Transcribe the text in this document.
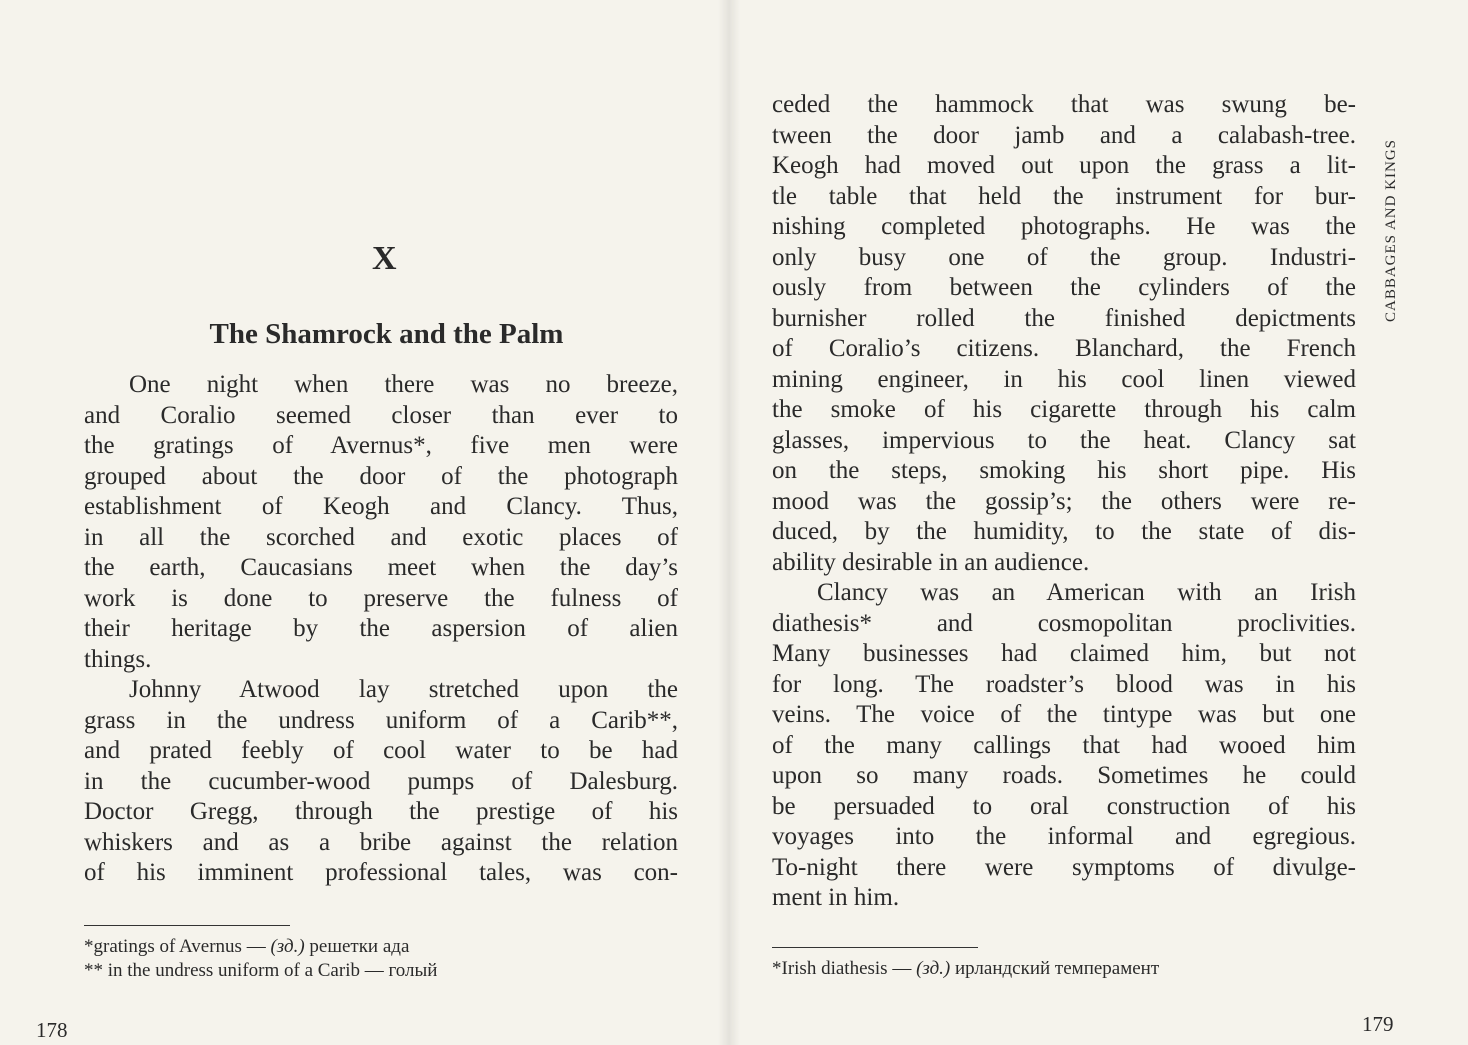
X
The Shamrock and the Palm
One night when there was no breeze,
and Coralio seemed closer than ever to
the gratings of Avernus*, five men were
grouped about the door of the photograph
establishment of Keogh and Clancy. Thus,
in all the scorched and exotic places of
the earth, Caucasians meet when the day’s
work is done to preserve the fulness of
their heritage by the aspersion of alien
things.
Johnny Atwood lay stretched upon the
grass in the undress uniform of a Carib**,
and prated feebly of cool water to be had
in the cucumber-wood pumps of Dalesburg.
Doctor Gregg, through the prestige of his
whiskers and as a bribe against the relation
of his imminent professional tales, was con-
*gratings of Avernus — (зд.) решетки ада
** in the undress uniform of a Carib — голый
178
ceded the hammock that was swung be-
tween the door jamb and a calabash-tree.
Keogh had moved out upon the grass a lit-
tle table that held the instrument for bur-
nishing completed photographs. He was the
only busy one of the group. Industri-
ously from between the cylinders of the
burnisher rolled the finished depictments
of Coralio’s citizens. Blanchard, the French
mining engineer, in his cool linen viewed
the smoke of his cigarette through his calm
glasses, impervious to the heat. Clancy sat
on the steps, smoking his short pipe. His
mood was the gossip’s; the others were re-
duced, by the humidity, to the state of dis-
ability desirable in an audience.
Clancy was an American with an Irish
diathesis* and cosmopolitan proclivities.
Many businesses had claimed him, but not
for long. The roadster’s blood was in his
veins. The voice of the tintype was but one
of the many callings that had wooed him
upon so many roads. Sometimes he could
be persuaded to oral construction of his
voyages into the informal and egregious.
To-night there were symptoms of divulge-
ment in him.
*Irish diathesis — (зд.) ирландский темперамент
CABBAGES AND KINGS
179
